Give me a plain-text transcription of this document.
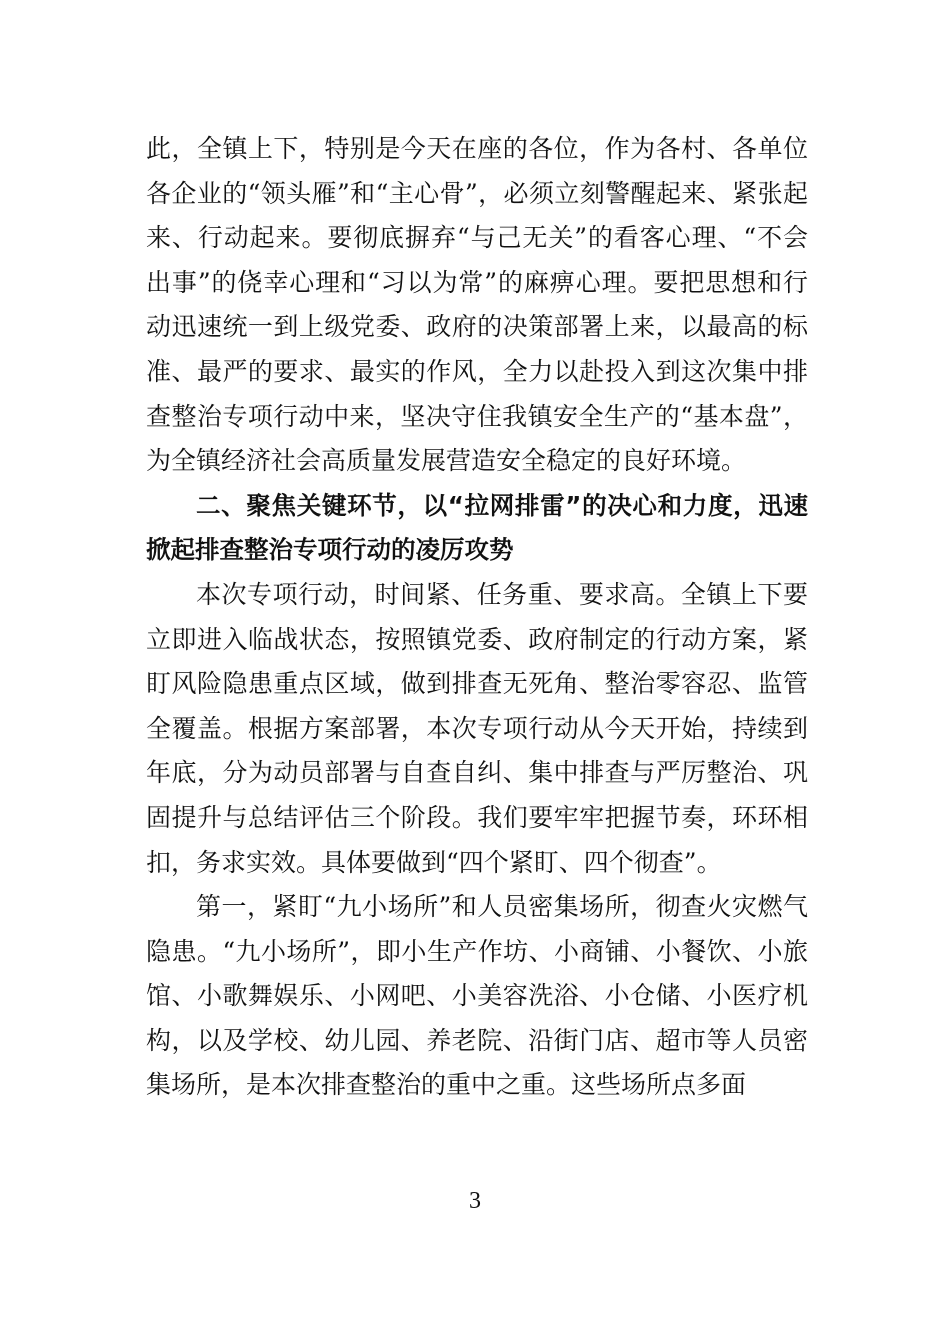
此，全镇上下，特别是今天在座的各位，作为各村、各单位各企业的“领头雁”和“主心骨”，必须立刻警醒起来、紧张起来、行动起来。要彻底摒弃“与己无关”的看客心理、“不会出事”的侥幸心理和“习以为常”的麻痹心理。要把思想和行动迅速统一到上级党委、政府的决策部署上来，以最高的标准、最严的要求、最实的作风，全力以赴投入到这次集中排查整治专项行动中来，坚决守住我镇安全生产的“基本盘”，为全镇经济社会高质量发展营造安全稳定的良好环境。

二、聚焦关键环节，以“拉网排雷”的决心和力度，迅速掀起排查整治专项行动的凌厉攻势

本次专项行动，时间紧、任务重、要求高。全镇上下要立即进入临战状态，按照镇党委、政府制定的行动方案，紧盯风险隐患重点区域，做到排查无死角、整治零容忍、监管全覆盖。根据方案部署，本次专项行动从今天开始，持续到年底，分为动员部署与自查自纠、集中排查与严厉整治、巩固提升与总结评估三个阶段。我们要牢牢把握节奏，环环相扣，务求实效。具体要做到“四个紧盯、四个彻查”。

第一，紧盯“九小场所”和人员密集场所，彻查火灾燃气隐患。“九小场所”，即小生产作坊、小商铺、小餐饮、小旅馆、小歌舞娱乐、小网吧、小美容洗浴、小仓储、小医疗机构，以及学校、幼儿园、养老院、沿街门店、超市等人员密集场所，是本次排查整治的重中之重。这些场所点多面

3
